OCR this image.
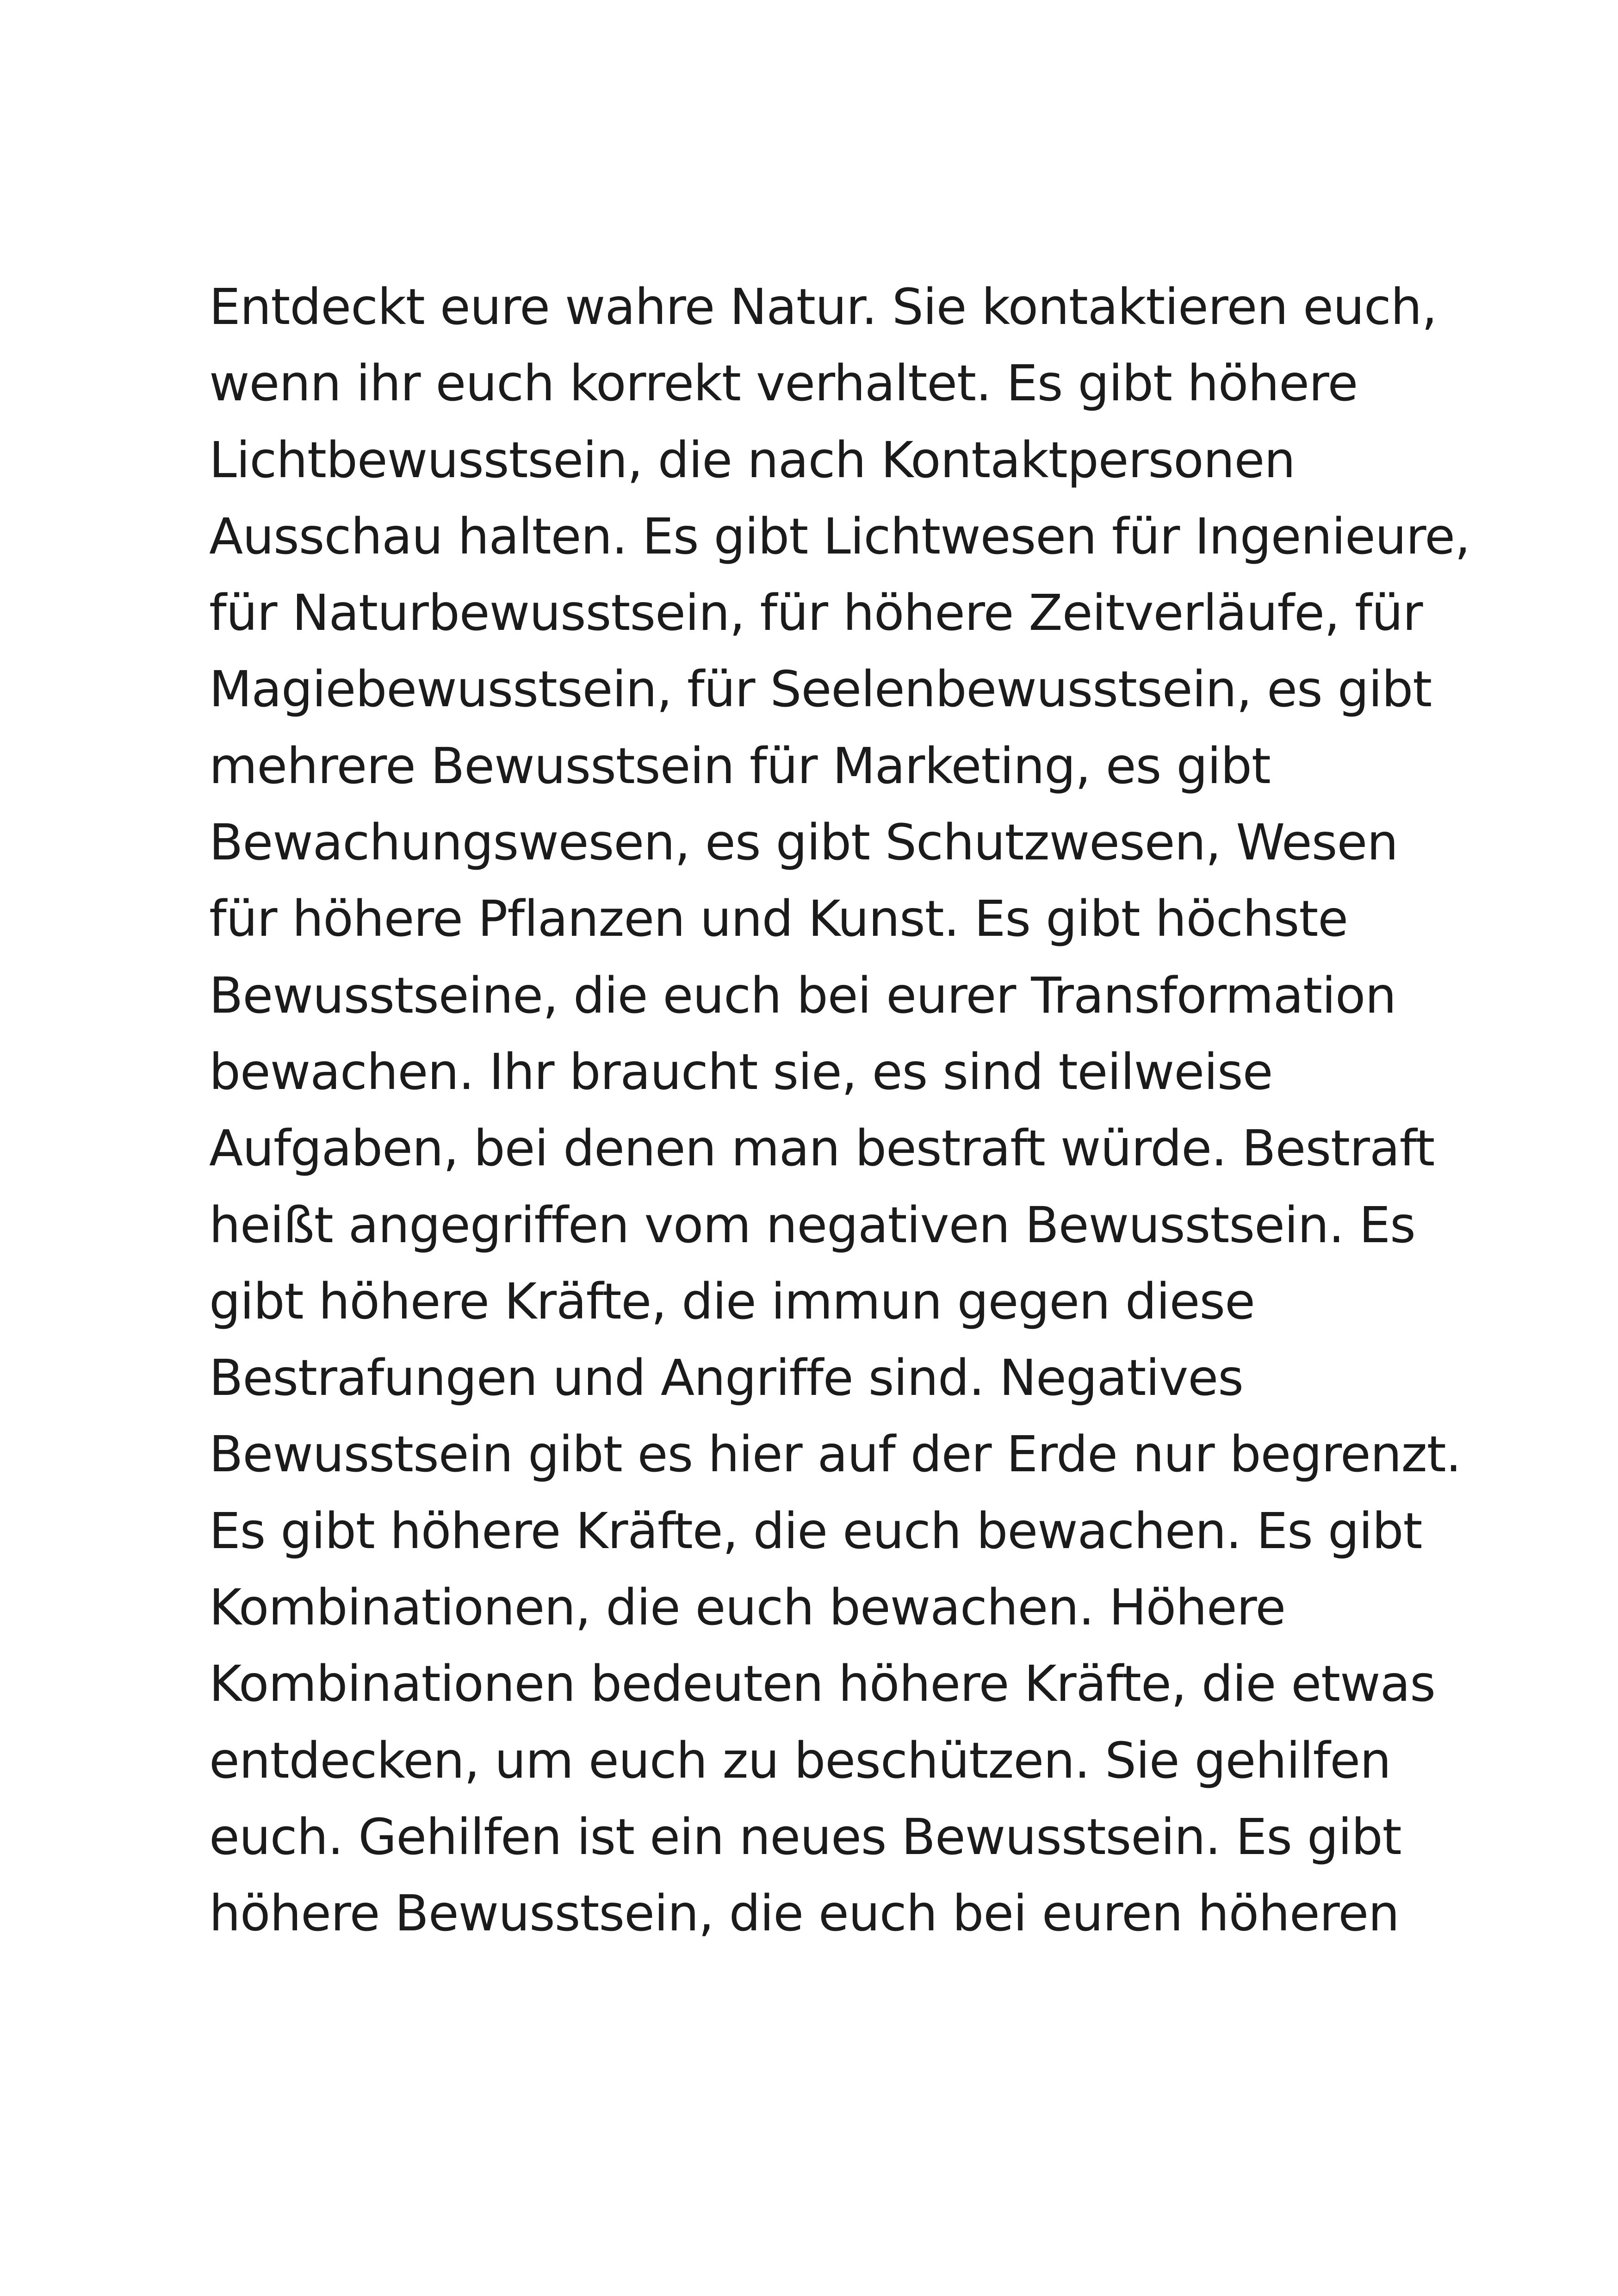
Entdeckt eure wahre Natur. Sie kontaktieren euch,
wenn ihr euch korrekt verhaltet. Es gibt höhere
Lichtbewusstsein, die nach Kontaktpersonen
Ausschau halten. Es gibt Lichtwesen für Ingenieure,
für Naturbewusstsein, für höhere Zeitverläufe, für
Magiebewusstsein, für Seelenbewusstsein, es gibt
mehrere Bewusstsein für Marketing, es gibt
Bewachungswesen, es gibt Schutzwesen, Wesen
für höhere Pflanzen und Kunst. Es gibt höchste
Bewusstseine, die euch bei eurer Transformation
bewachen. Ihr braucht sie, es sind teilweise
Aufgaben, bei denen man bestraft würde. Bestraft
heißt angegriffen vom negativen Bewusstsein. Es
gibt höhere Kräfte, die immun gegen diese
Bestrafungen und Angriffe sind. Negatives
Bewusstsein gibt es hier auf der Erde nur begrenzt.
Es gibt höhere Kräfte, die euch bewachen. Es gibt
Kombinationen, die euch bewachen. Höhere
Kombinationen bedeuten höhere Kräfte, die etwas
entdecken, um euch zu beschützen. Sie gehilfen
euch. Gehilfen ist ein neues Bewusstsein. Es gibt
höhere Bewusstsein, die euch bei euren höheren
